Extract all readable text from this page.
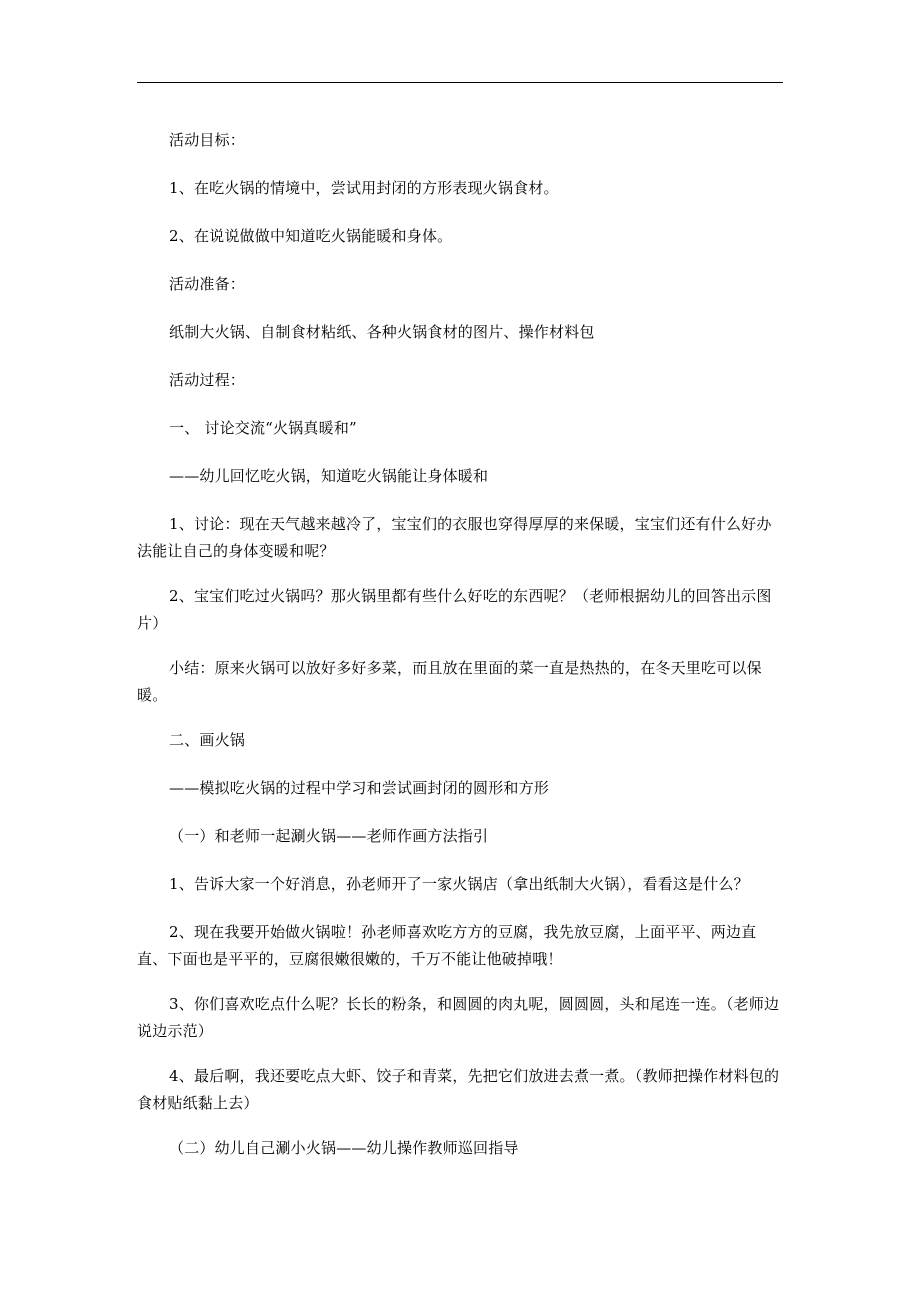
活动目标：

1、在吃火锅的情境中，尝试用封闭的方形表现火锅食材。

2、在说说做做中知道吃火锅能暖和身体。

活动准备：

纸制大火锅、自制食材粘纸、各种火锅食材的图片、操作材料包

活动过程：

一、 讨论交流“火锅真暖和”

——幼儿回忆吃火锅，知道吃火锅能让身体暖和

1、讨论：现在天气越来越冷了，宝宝们的衣服也穿得厚厚的来保暖，宝宝们还有什么好办法能让自己的身体变暖和呢？

2、宝宝们吃过火锅吗？那火锅里都有些什么好吃的东西呢？（老师根据幼儿的回答出示图片）

小结：原来火锅可以放好多好多菜，而且放在里面的菜一直是热热的，在冬天里吃可以保暖。

二、画火锅

——模拟吃火锅的过程中学习和尝试画封闭的圆形和方形

（一）和老师一起涮火锅——老师作画方法指引

1、告诉大家一个好消息，孙老师开了一家火锅店（拿出纸制大火锅），看看这是什么？

2、现在我要开始做火锅啦！孙老师喜欢吃方方的豆腐，我先放豆腐，上面平平、两边直直、下面也是平平的，豆腐很嫩很嫩的，千万不能让他破掉哦！

3、你们喜欢吃点什么呢？长长的粉条，和圆圆的肉丸呢，圆圆圆，头和尾连一连。（老师边说边示范）

4、最后啊，我还要吃点大虾、饺子和青菜，先把它们放进去煮一煮。（教师把操作材料包的食材贴纸黏上去）

（二）幼儿自己涮小火锅——幼儿操作教师巡回指导
